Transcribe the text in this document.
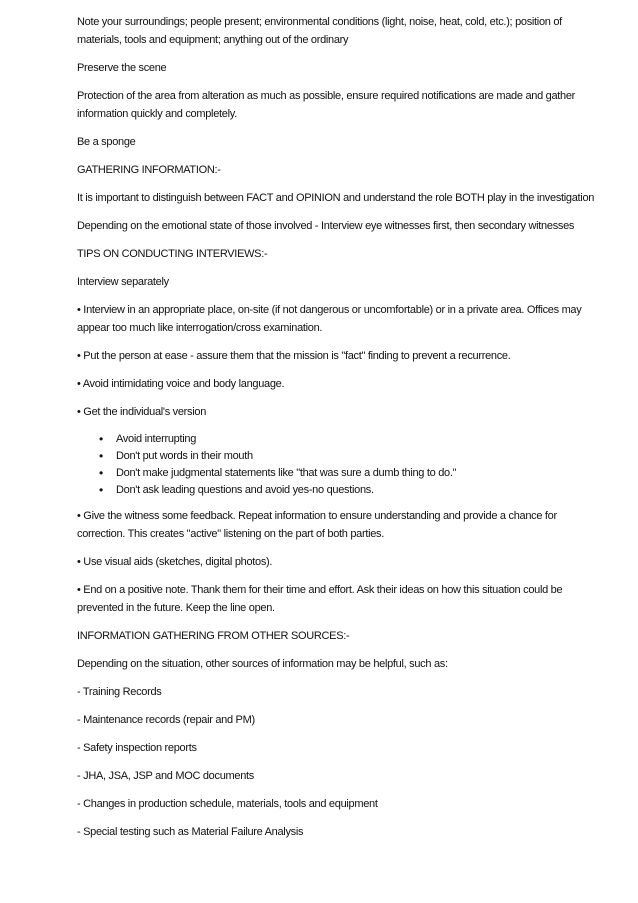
Note your surroundings; people present; environmental conditions (light, noise, heat, cold, etc.); position of materials, tools and equipment; anything out of the ordinary

Preserve the scene

Protection of the area from alteration as much as possible, ensure required notifications are made and gather information quickly and completely.

Be a sponge

GATHERING INFORMATION:-

It is important to distinguish between FACT and OPINION and understand the role BOTH play in the investigation

Depending on the emotional state of those involved - Interview eye witnesses first, then secondary witnesses

TIPS ON CONDUCTING INTERVIEWS:-

Interview separately

• Interview in an appropriate place, on-site (if not dangerous or uncomfortable) or in a private area. Offices may appear too much like interrogation/cross examination.

• Put the person at ease - assure them that the mission is "fact" finding to prevent a recurrence.

• Avoid intimidating voice and body language.

• Get the individual's version

• Avoid interrupting
• Don't put words in their mouth
• Don't make judgmental statements like "that was sure a dumb thing to do."
• Don't ask leading questions and avoid yes-no questions.

• Give the witness some feedback. Repeat information to ensure understanding and provide a chance for correction. This creates "active" listening on the part of both parties.

• Use visual aids (sketches, digital photos).

• End on a positive note. Thank them for their time and effort. Ask their ideas on how this situation could be prevented in the future. Keep the line open.

INFORMATION GATHERING FROM OTHER SOURCES:-

Depending on the situation, other sources of information may be helpful, such as:

- Training Records

- Maintenance records (repair and PM)

- Safety inspection reports

- JHA, JSA, JSP and MOC documents

- Changes in production schedule, materials, tools and equipment

- Special testing such as Material Failure Analysis
